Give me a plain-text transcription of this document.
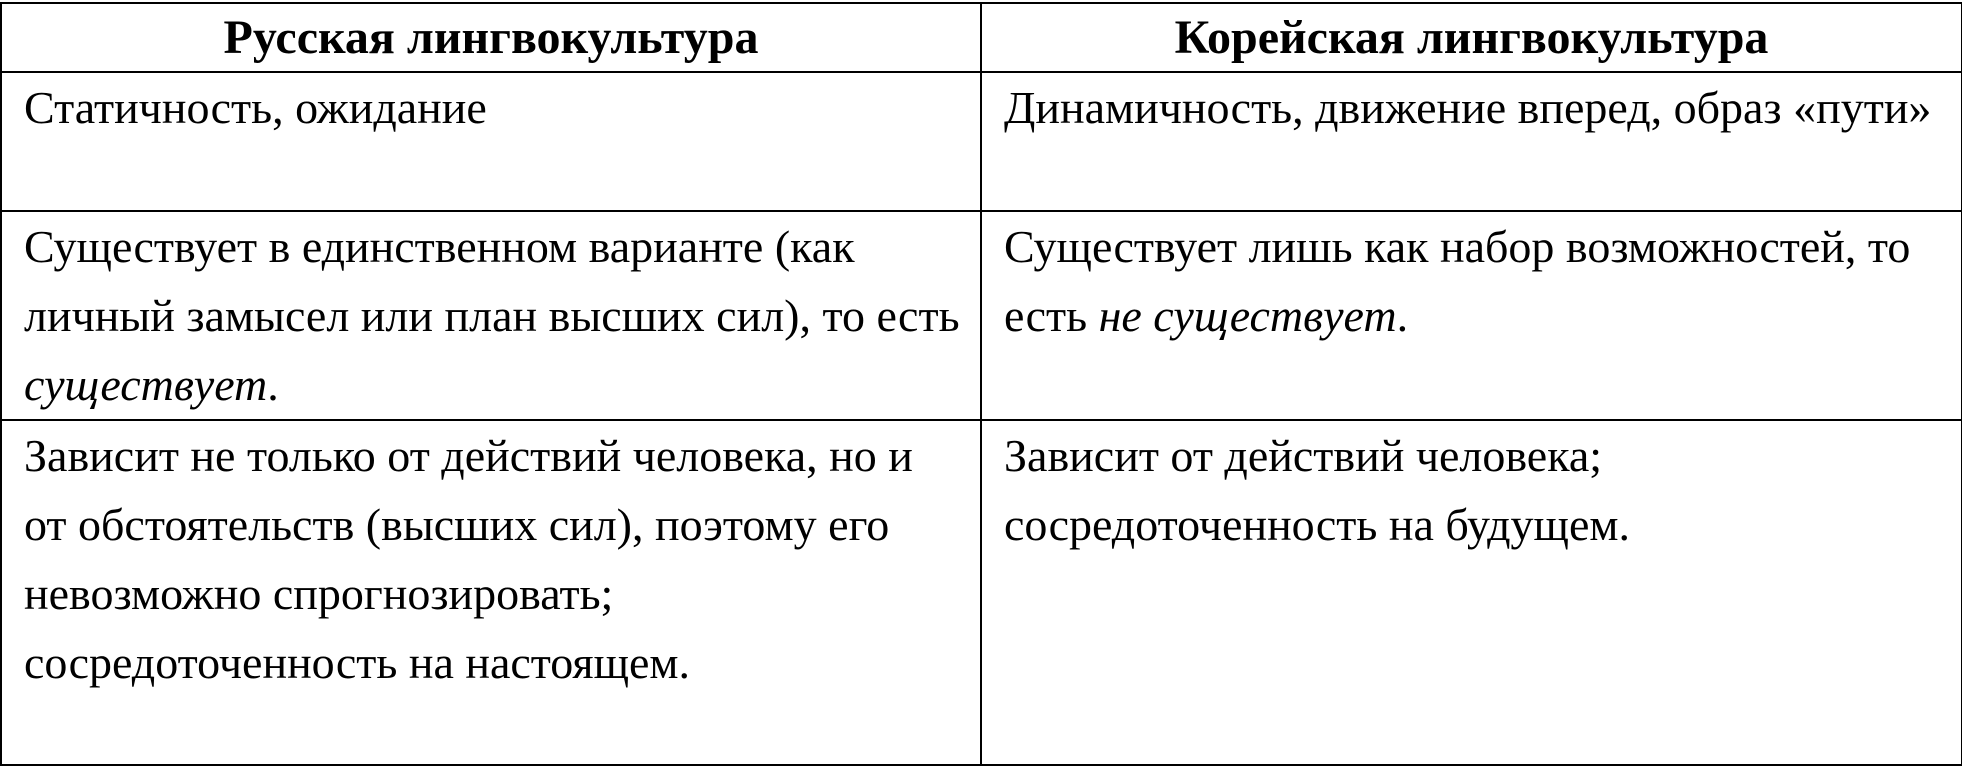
Русская лингвокультура	Корейская лингвокультура

Статичность, ожидание	Динамичность, движение вперед, образ «пути»

Существует в единственном варианте (как личный замысел или план высших сил), то есть существует.	Существует лишь как набор возможностей, то есть не существует.

Зависит не только от действий человека, но и от обстоятельств (высших сил), поэтому его невозможно спрогнозировать; сосредоточенность на настоящем.	Зависит от действий человека; сосредоточенность на будущем.
